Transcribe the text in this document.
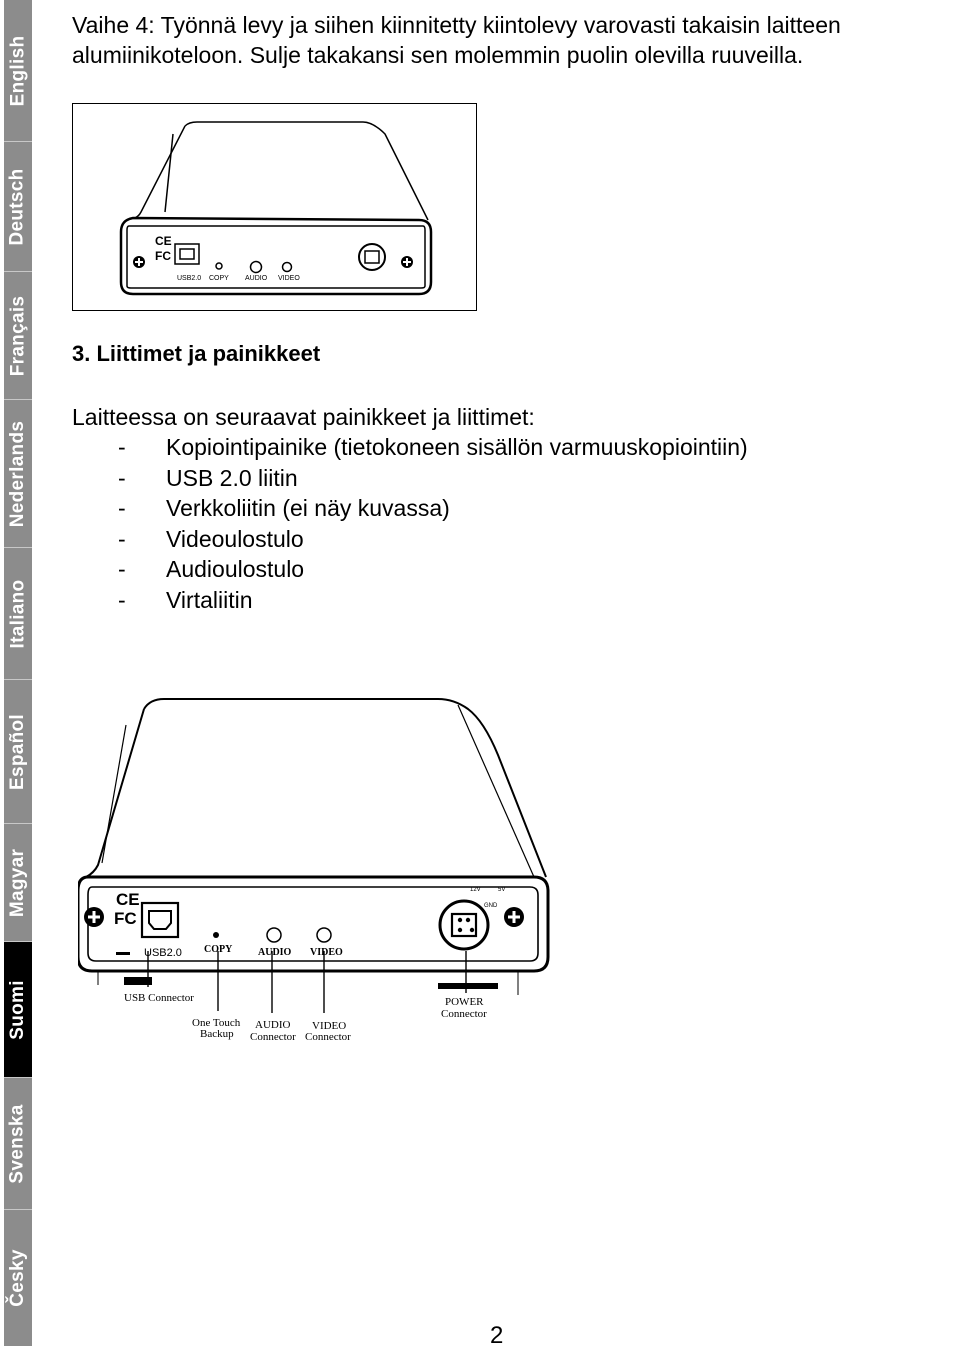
English
Deutsch
Français
Nederlands
Italiano
Español
Magyar
Suomi
Svenska
Česky
Vaihe 4: Työnnä levy ja siihen kiinnitetty kiintolevy varovasti takaisin laitteen alumiinikoteloon. Sulje takakansi sen molemmin puolin olevilla ruuveilla.
CE
FC
USB2.0 COPY AUDIO VIDEO
3. Liittimet ja painikkeet
Laitteessa on seuraavat painikkeet ja liittimet:
- Kopiointipainike (tietokoneen sisällön varmuuskopiointiin)
- USB 2.0 liitin
- Verkkoliitin (ei näy kuvassa)
- Videoulostulo
- Audioulostulo
- Virtaliitin
CE
FC
USB2.0 COPY	AUDIO VIDEO
12V	5V
GND
USB Connector
One Touch
Backup
AUDIO
Connector
VIDEO
Connector
POWER
Connector
2
